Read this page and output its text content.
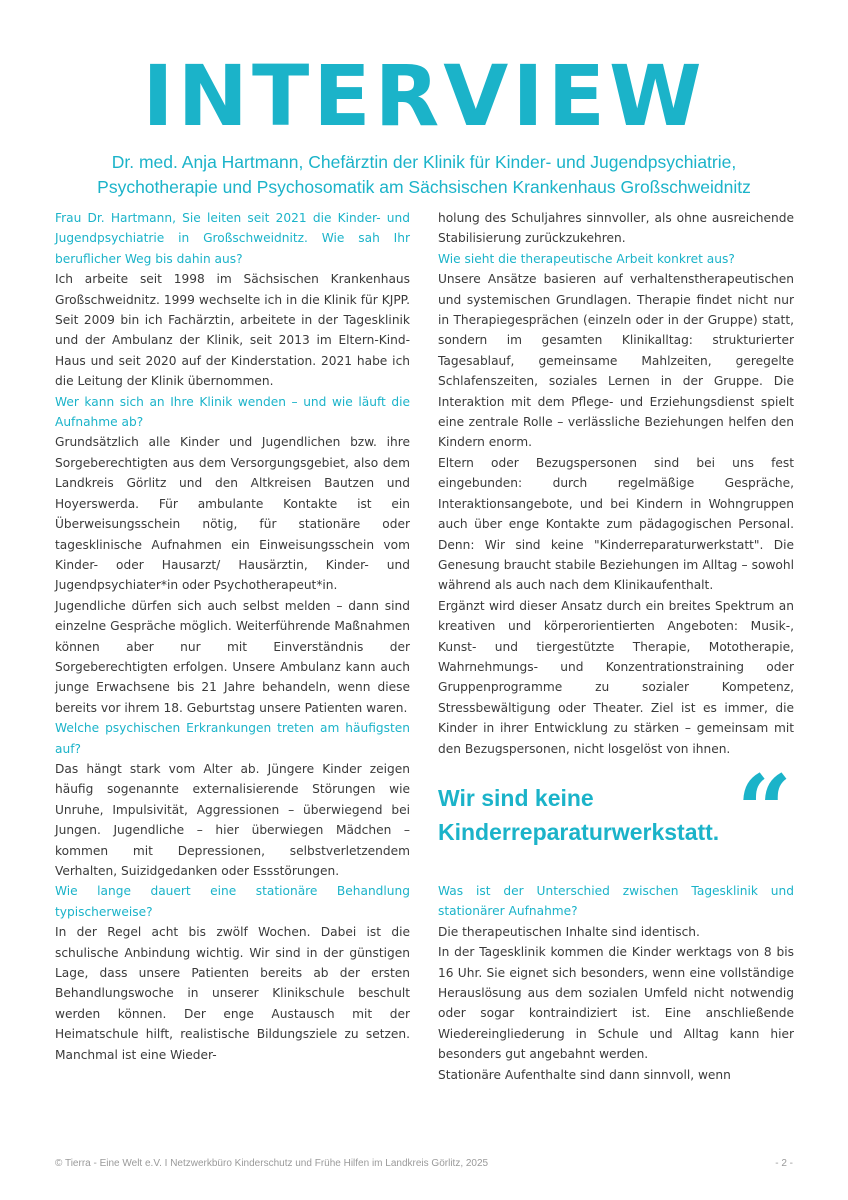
INTERVIEW
Dr. med. Anja Hartmann, Chefärztin der Klinik für Kinder- und Jugendpsychiatrie,
Psychotherapie und Psychosomatik am Sächsischen Krankenhaus Großschweidnitz

Frau Dr. Hartmann, Sie leiten seit 2021 die Kinder- und Jugendpsychiatrie in Großschweidnitz. Wie sah Ihr beruflicher Weg bis dahin aus?

Ich arbeite seit 1998 im Sächsischen Krankenhaus Großschweidnitz. 1999 wechselte ich in die Klinik für KJPP. Seit 2009 bin ich Fachärztin, arbeitete in der Tagesklinik und der Ambulanz der Klinik, seit 2013 im Eltern-Kind-Haus und seit 2020 auf der Kinderstation. 2021 habe ich die Leitung der Klinik übernommen.

Wer kann sich an Ihre Klinik wenden – und wie läuft die Aufnahme ab?

Grundsätzlich alle Kinder und Jugendlichen bzw. ihre Sorgeberechtigten aus dem Versorgungsgebiet, also dem Landkreis Görlitz und den Altkreisen Bautzen und Hoyerswerda. Für ambulante Kontakte ist ein Überweisungsschein nötig, für stationäre oder tagesklinische Aufnahmen ein Einweisungsschein vom Kinder- oder Hausarzt/ Hausärztin, Kinder- und Jugendpsychiater*in oder Psychotherapeut*in.

Jugendliche dürfen sich auch selbst melden – dann sind einzelne Gespräche möglich. Weiterführende Maßnahmen können aber nur mit Einverständnis der Sorgeberechtigten erfolgen. Unsere Ambulanz kann auch junge Erwachsene bis 21 Jahre behandeln, wenn diese bereits vor ihrem 18. Geburtstag unsere Patienten waren.

Welche psychischen Erkrankungen treten am häufigsten auf?

Das hängt stark vom Alter ab. Jüngere Kinder zeigen häufig sogenannte externalisierende Störungen wie Unruhe, Impulsivität, Aggressionen – überwiegend bei Jungen. Jugendliche – hier überwiegen Mädchen – kommen mit Depressionen, selbstverletzendem Verhalten, Suizidgedanken oder Essstörungen.

Wie lange dauert eine stationäre Behandlung typischerweise?

In der Regel acht bis zwölf Wochen. Dabei ist die schulische Anbindung wichtig. Wir sind in der günstigen Lage, dass unsere Patienten bereits ab der ersten Behandlungswoche in unserer Klinikschule beschult werden können. Der enge Austausch mit der Heimatschule hilft, realistische Bildungsziele zu setzen. Manchmal ist eine Wieder-

holung des Schuljahres sinnvoller, als ohne ausreichende Stabilisierung zurückzukehren.

Wie sieht die therapeutische Arbeit konkret aus?

Unsere Ansätze basieren auf verhaltenstherapeutischen und systemischen Grundlagen. Therapie findet nicht nur in Therapiegesprächen (einzeln oder in der Gruppe) statt, sondern im gesamten Klinikalltag: strukturierter Tagesablauf, gemeinsame Mahlzeiten, geregelte Schlafenszeiten, soziales Lernen in der Gruppe. Die Interaktion mit dem Pflege- und Erziehungsdienst spielt eine zentrale Rolle – verlässliche Beziehungen helfen den Kindern enorm.

Eltern oder Bezugspersonen sind bei uns fest eingebunden: durch regelmäßige Gespräche, Interaktionsangebote, und bei Kindern in Wohngruppen auch über enge Kontakte zum pädagogischen Personal. Denn: Wir sind keine "Kinderreparaturwerkstatt". Die Genesung braucht stabile Beziehungen im Alltag – sowohl während als auch nach dem Klinikaufenthalt.

Ergänzt wird dieser Ansatz durch ein breites Spektrum an kreativen und körperorientierten Angeboten: Musik-, Kunst- und tiergestützte Therapie, Mototherapie, Wahrnehmungs- und Konzentrationstraining oder Gruppenprogramme zu sozialer Kompetenz, Stressbewältigung oder Theater. Ziel ist es immer, die Kinder in ihrer Entwicklung zu stärken – gemeinsam mit den Bezugspersonen, nicht losgelöst von ihnen.

“
Wir sind keine
Kinderreparaturwerkstatt.

Was ist der Unterschied zwischen Tagesklinik und stationärer Aufnahme?

Die therapeutischen Inhalte sind identisch.

In der Tagesklinik kommen die Kinder werktags von 8 bis 16 Uhr. Sie eignet sich besonders, wenn eine vollständige Herauslösung aus dem sozialen Umfeld nicht notwendig oder sogar kontraindiziert ist. Eine anschließende Wiedereingliederung in Schule und Alltag kann hier besonders gut angebahnt werden.

Stationäre Aufenthalte sind dann sinnvoll, wenn

© Tierra - Eine Welt e.V. I Netzwerkbüro Kinderschutz und Frühe Hilfen im Landkreis Görlitz, 2025	- 2 -
